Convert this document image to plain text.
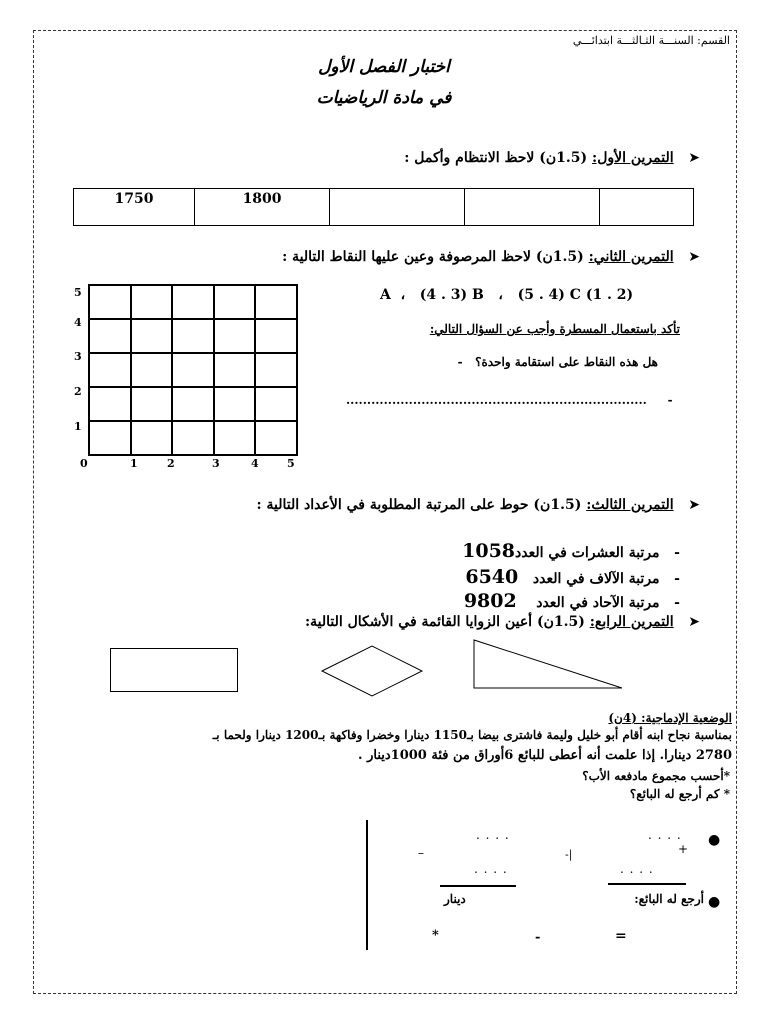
القسم: السنـــة الثـالثـــة ابتدائـــي
اختبار الفصل الأول
في مادة الرياضيات
➤   التمرين الأول: (1.5ن) لاحظ الانتظام وأكمل :
1750	1800			
➤   التمرين الثاني: (1.5ن) لاحظ المرصوفة وعين عليها النقاط التالية :
A  ،   (4 . 3) B   ،   (5 . 4) C (1 . 2)
تأكد باستعمال المسطرة وأجب عن السؤال التالي:
هل هذه النقاط على استقامة واحدة؟   -
........................................................................     -
5
4
3
2
1
0	1	2	3	4	5
➤   التمرين الثالث: (1.5ن) حوط على المرتبة المطلوبة في الأعداد التالية :
-   مرتبة العشرات في العدد1058
-   مرتبة الآلاف في العدد   6540
-   مرتبة الآحاد في العدد    9802
➤   التمرين الرابع: (1.5ن) أعين الزوايا القائمة في الأشكال التالية:
الوضعية الإدماجية: (4ن)
بمناسبة نجاح ابنه أقام أبو خليل وليمة فاشترى بيضا بـ1150 دينارا وخضرا وفاكهة بـ1200 دينارا ولحما بـ
2780 دينارا. إذا علمت أنه أعطى للبائع 6أوراق من فئة 1000دينار .
*أحسب مجموع مادفعه الأب؟
* كم أرجع له البائع؟
●
. . . .
+
. . . .
–	-|
. . . .
. . . .
●
أرجع له البائع:
دينار
*	-	=
